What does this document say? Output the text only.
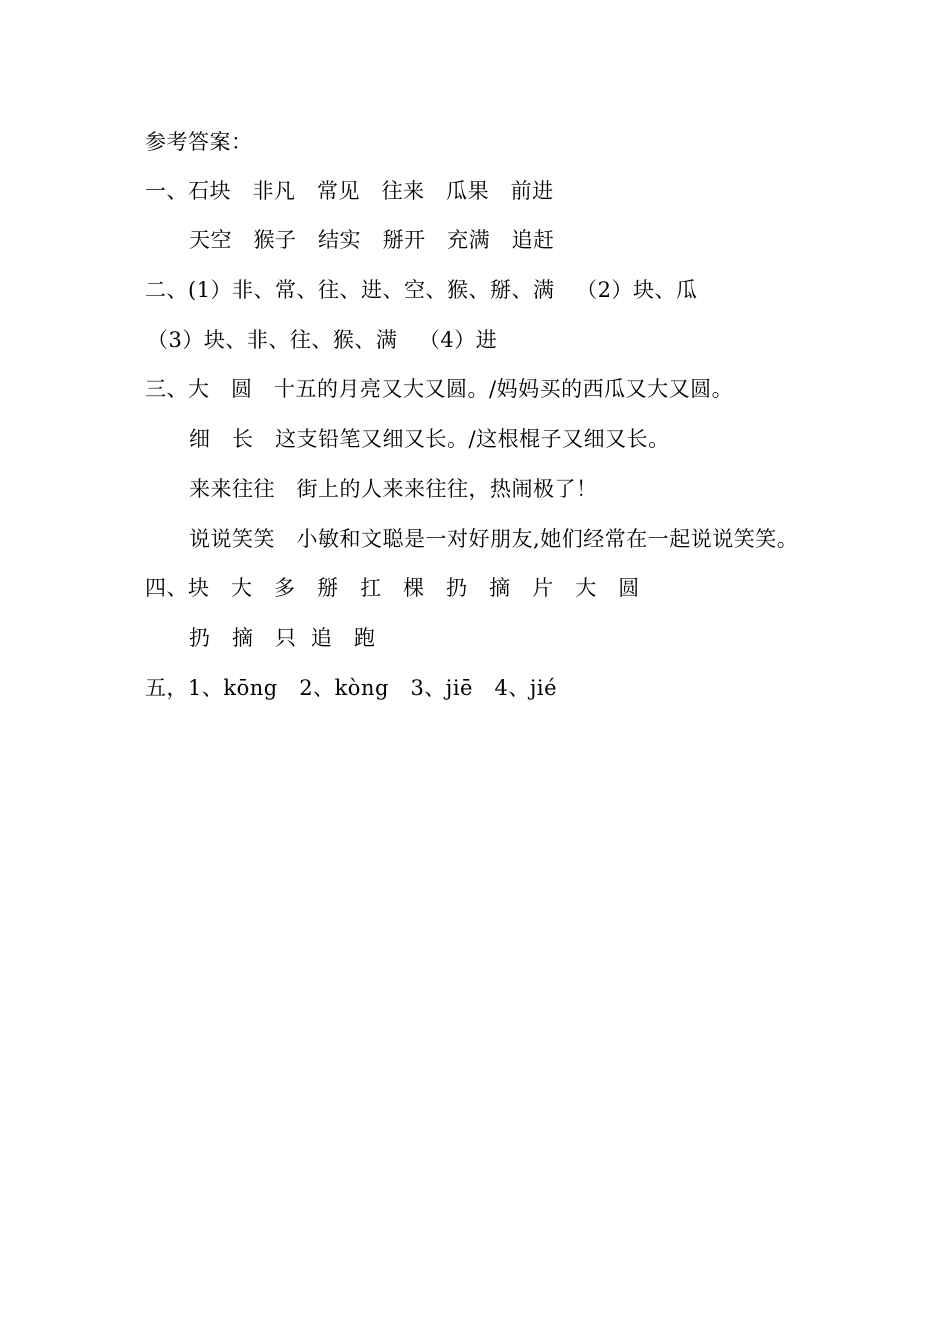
参考答案：
一、石块   非凡   常见   往来   瓜果   前进
天空   猴子   结实   掰开   充满   追赶
二、(1）非、常、往、进、空、猴、掰、满   （2）块、瓜
（3）块、非、往、猴、满   （4）进
三、大   圆   十五的月亮又大又圆。/妈妈买的西瓜又大又圆。
细   长   这支铅笔又细又长。/这根棍子又细又长。
来来往往   街上的人来来往往，热闹极了！
说说笑笑   小敏和文聪是一对好朋友,她们经常在一起说说笑笑。
四、块   大   多   掰   扛   棵   扔   摘   片   大   圆
扔   摘   只  追   跑
五，1、kōng   2、kòng   3、jiē   4、jié
